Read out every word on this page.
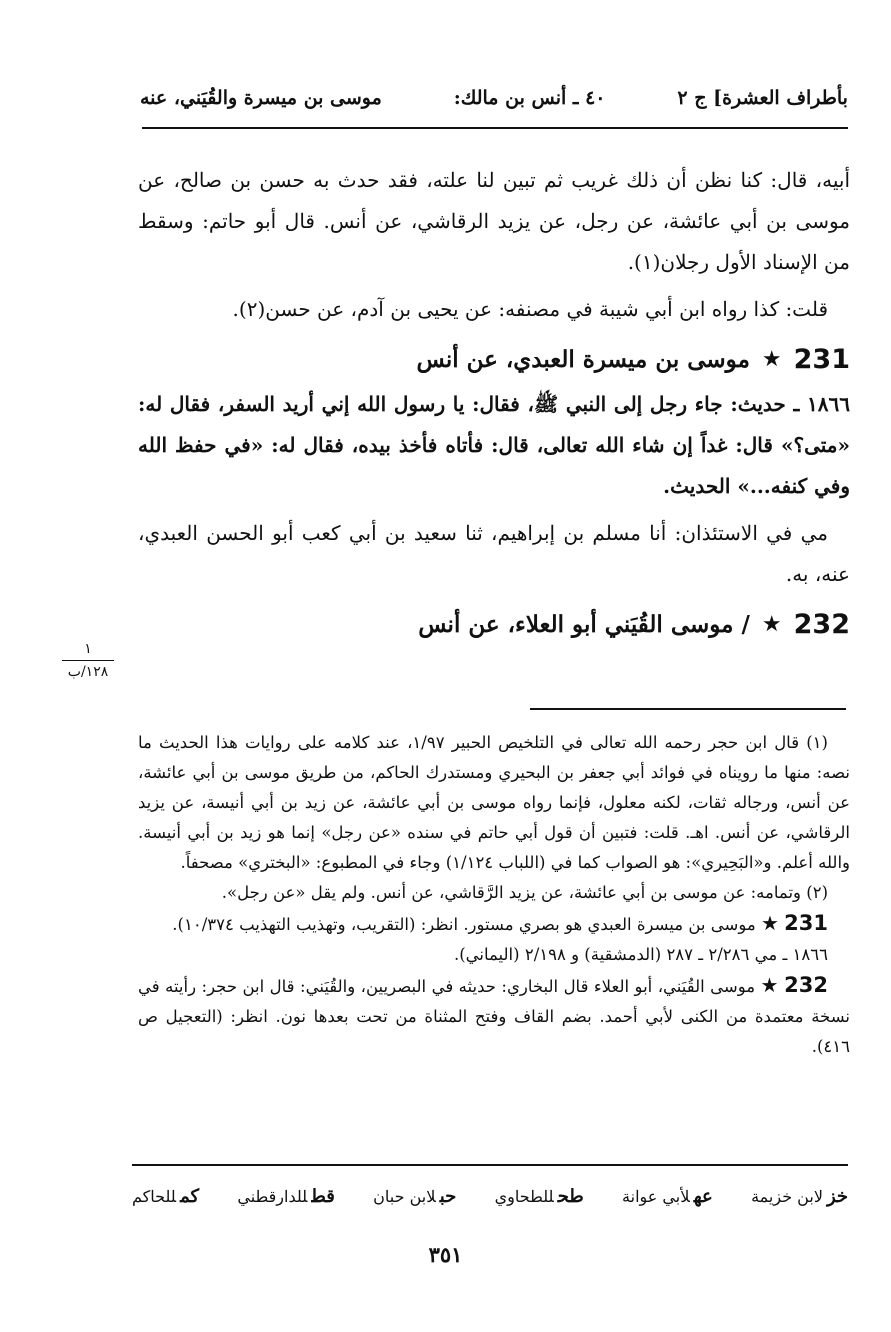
بأطراف العشرة] ج ٢
٤٠ ـ أنس بن مالك:
موسى بن ميسرة والقُيَني، عنه

أبيه، قال: كنا نظن أن ذلك غريب ثم تبين لنا علته، فقد حدث به حسن بن صالح، عن موسى بن أبي عائشة، عن رجل، عن يزيد الرقاشي، عن أنس. قال أبو حاتم: وسقط من الإسناد الأول رجلان(١).

قلت: كذا رواه ابن أبي شيبة في مصنفه: عن يحيى بن آدم، عن حسن(٢).

231
★
موسى بن ميسرة العبدي، عن أنس

١٨٦٦ ـ حديث: جاء رجل إلى النبي ﷺ، فقال: يا رسول الله إني أريد السفر، فقال له: «متى؟» قال: غداً إن شاء الله تعالى، قال: فأتاه فأخذ بيده، فقال له: «في حفظ الله وفي كنفه...» الحديث.

مي في الاستئذان: أنا مسلم بن إبراهيم، ثنا سعيد بن أبي كعب أبو الحسن العبدي، عنه، به.

232
★
/ موسى القُيَني أبو العلاء، عن أنس
١
١٢٨/ب

(١) قال ابن حجر رحمه الله تعالى في التلخيص الحبير ١/٩٧، عند كلامه على روايات هذا الحديث ما نصه: منها ما رويناه في فوائد أبي جعفر بن البحيري ومستدرك الحاكم، من طريق موسى بن أبي عائشة، عن أنس، ورجاله ثقات، لكنه معلول، فإنما رواه موسى بن أبي عائشة، عن زيد بن أبي أنيسة، عن يزيد الرقاشي، عن أنس. اهـ. قلت: فتبين أن قول أبي حاتم في سنده «عن رجل» إنما هو زيد بن أبي أنيسة. والله أعلم. و«البَحِيري»: هو الصواب كما في (اللباب ١/١٢٤) وجاء في المطبوع: «البختري» مصحفاً.

(٢) وتمامه: عن موسى بن أبي عائشة، عن يزيد الرَّقاشي، عن أنس. ولم يقل «عن رجل».

231 ★ موسى بن ميسرة العبدي هو بصري مستور. انظر: (التقريب، وتهذيب التهذيب ١٠/٣٧٤).

١٨٦٦ ـ مي ٢/٢٨٦ ـ ٢٨٧ (الدمشقية) و ٢/١٩٨ (اليماني).

232 ★ موسى القُيَني، أبو العلاء قال البخاري: حديثه في البصريين، والقُيَني: قال ابن حجر: رأيته في نسخة معتمدة من الكنى لأبي أحمد. بضم القاف وفتح المثناة من تحت بعدها نون. انظر: (التعجيل ص ٤١٦).

خزلابن خزيمة
عهلأبي عوانة
طحللطحاوي
حبلابن حبان
قطللدارقطني
كمللحاكم
٣٥١
